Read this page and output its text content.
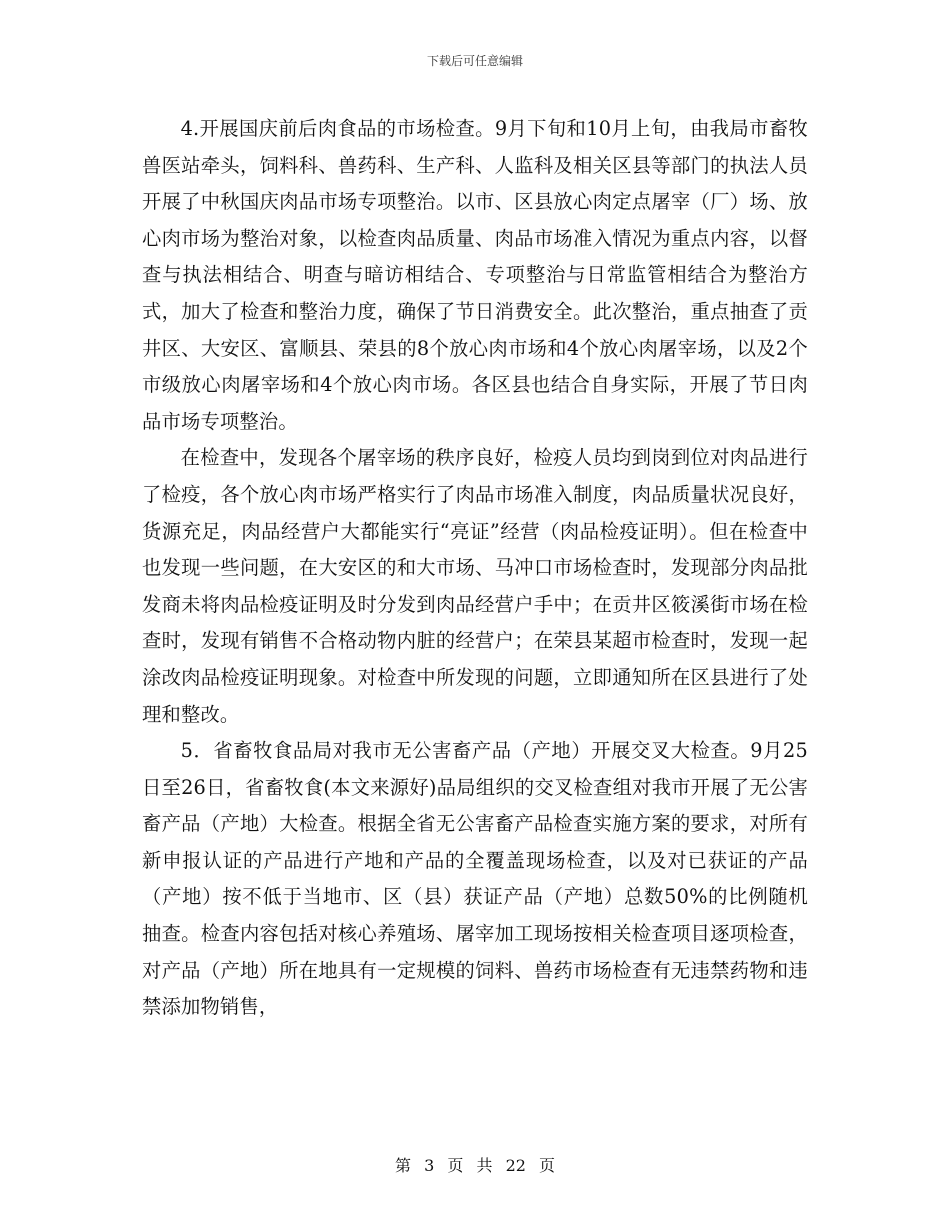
下载后可任意编辑

4.开展国庆前后肉食品的市场检查。9月下旬和10月上旬，由我局市畜牧兽医站牵头，饲料科、兽药科、生产科、人监科及相关区县等部门的执法人员开展了中秋国庆肉品市场专项整治。以市、区县放心肉定点屠宰（厂）场、放心肉市场为整治对象，以检查肉品质量、肉品市场准入情况为重点内容，以督查与执法相结合、明查与暗访相结合、专项整治与日常监管相结合为整治方式，加大了检查和整治力度，确保了节日消费安全。此次整治，重点抽查了贡井区、大安区、富顺县、荣县的8个放心肉市场和4个放心肉屠宰场，以及2个市级放心肉屠宰场和4个放心肉市场。各区县也结合自身实际，开展了节日肉品市场专项整治。

在检查中，发现各个屠宰场的秩序良好，检疫人员均到岗到位对肉品进行了检疫，各个放心肉市场严格实行了肉品市场准入制度，肉品质量状况良好，货源充足，肉品经营户大都能实行“亮证”经营（肉品检疫证明）。但在检查中也发现一些问题，在大安区的和大市场、马冲口市场检查时，发现部分肉品批发商未将肉品检疫证明及时分发到肉品经营户手中；在贡井区筱溪街市场在检查时，发现有销售不合格动物内脏的经营户；在荣县某超市检查时，发现一起涂改肉品检疫证明现象。对检查中所发现的问题，立即通知所在区县进行了处理和整改。

5．省畜牧食品局对我市无公害畜产品（产地）开展交叉大检查。9月25日至26日，省畜牧食(本文来源好)品局组织的交叉检查组对我市开展了无公害畜产品（产地）大检查。根据全省无公害畜产品检查实施方案的要求，对所有新申报认证的产品进行产地和产品的全覆盖现场检查，以及对已获证的产品（产地）按不低于当地市、区（县）获证产品（产地）总数50%的比例随机抽查。检查内容包括对核心养殖场、屠宰加工现场按相关检查项目逐项检查，对产品（产地）所在地具有一定规模的饲料、兽药市场检查有无违禁药物和违禁添加物销售，

第 3 页 共 22 页
